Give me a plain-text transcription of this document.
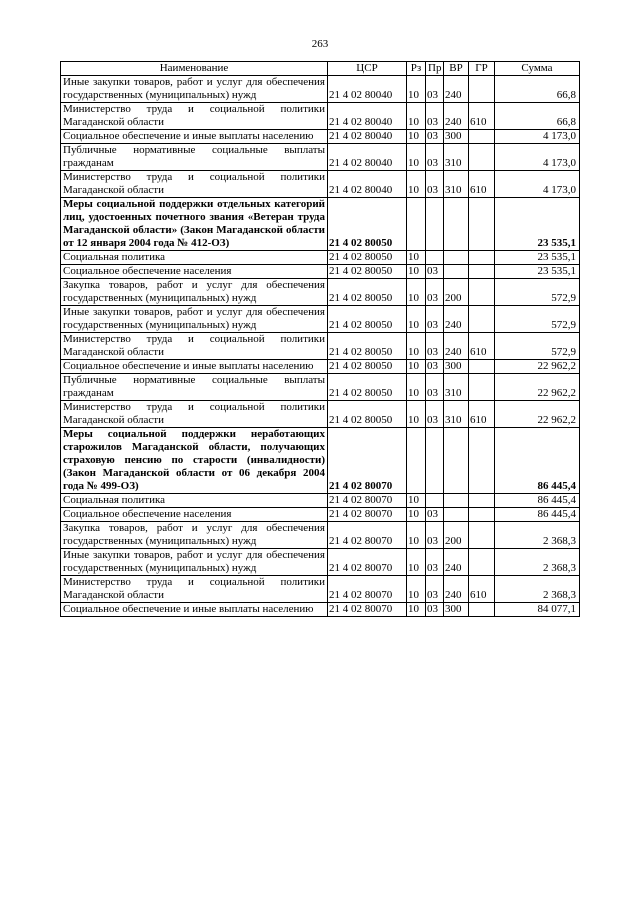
263
Наименование	ЦСР	Рз	Пр	ВР	ГР	Сумма
Иные закупки товаров, работ и услуг для обеспечения государственных (муниципальных) нужд	21 4 02 80040	10	03	240		66,8
Министерство труда и социальной политики Магаданской области	21 4 02 80040	10	03	240	610	66,8
Социальное обеспечение и иные выплаты населению	21 4 02 80040	10	03	300		4 173,0
Публичные нормативные социальные выплаты гражданам	21 4 02 80040	10	03	310		4 173,0
Министерство труда и социальной политики Магаданской области	21 4 02 80040	10	03	310	610	4 173,0
Меры социальной поддержки отдельных категорий лиц, удостоенных почетного звания «Ветеран труда Магаданской области» (Закон Магаданской области от 12 января 2004 года № 412-ОЗ)	21 4 02 80050					23 535,1
Социальная политика	21 4 02 80050	10				23 535,1
Социальное обеспечение населения	21 4 02 80050	10	03			23 535,1
Закупка товаров, работ и услуг для обеспечения государственных (муниципальных) нужд	21 4 02 80050	10	03	200		572,9
Иные закупки товаров, работ и услуг для обеспечения государственных (муниципальных) нужд	21 4 02 80050	10	03	240		572,9
Министерство труда и социальной политики Магаданской области	21 4 02 80050	10	03	240	610	572,9
Социальное обеспечение и иные выплаты населению	21 4 02 80050	10	03	300		22 962,2
Публичные нормативные социальные выплаты гражданам	21 4 02 80050	10	03	310		22 962,2
Министерство труда и социальной политики Магаданской области	21 4 02 80050	10	03	310	610	22 962,2
Меры социальной поддержки неработающих старожилов Магаданской области, получающих страховую пенсию по старости (инвалидности) (Закон Магаданской области от 06 декабря 2004 года № 499-ОЗ)	21 4 02 80070					86 445,4
Социальная политика	21 4 02 80070	10				86 445,4
Социальное обеспечение населения	21 4 02 80070	10	03			86 445,4
Закупка товаров, работ и услуг для обеспечения государственных (муниципальных) нужд	21 4 02 80070	10	03	200		2 368,3
Иные закупки товаров, работ и услуг для обеспечения государственных (муниципальных) нужд	21 4 02 80070	10	03	240		2 368,3
Министерство труда и социальной политики Магаданской области	21 4 02 80070	10	03	240	610	2 368,3
Социальное обеспечение и иные выплаты населению	21 4 02 80070	10	03	300		84 077,1
